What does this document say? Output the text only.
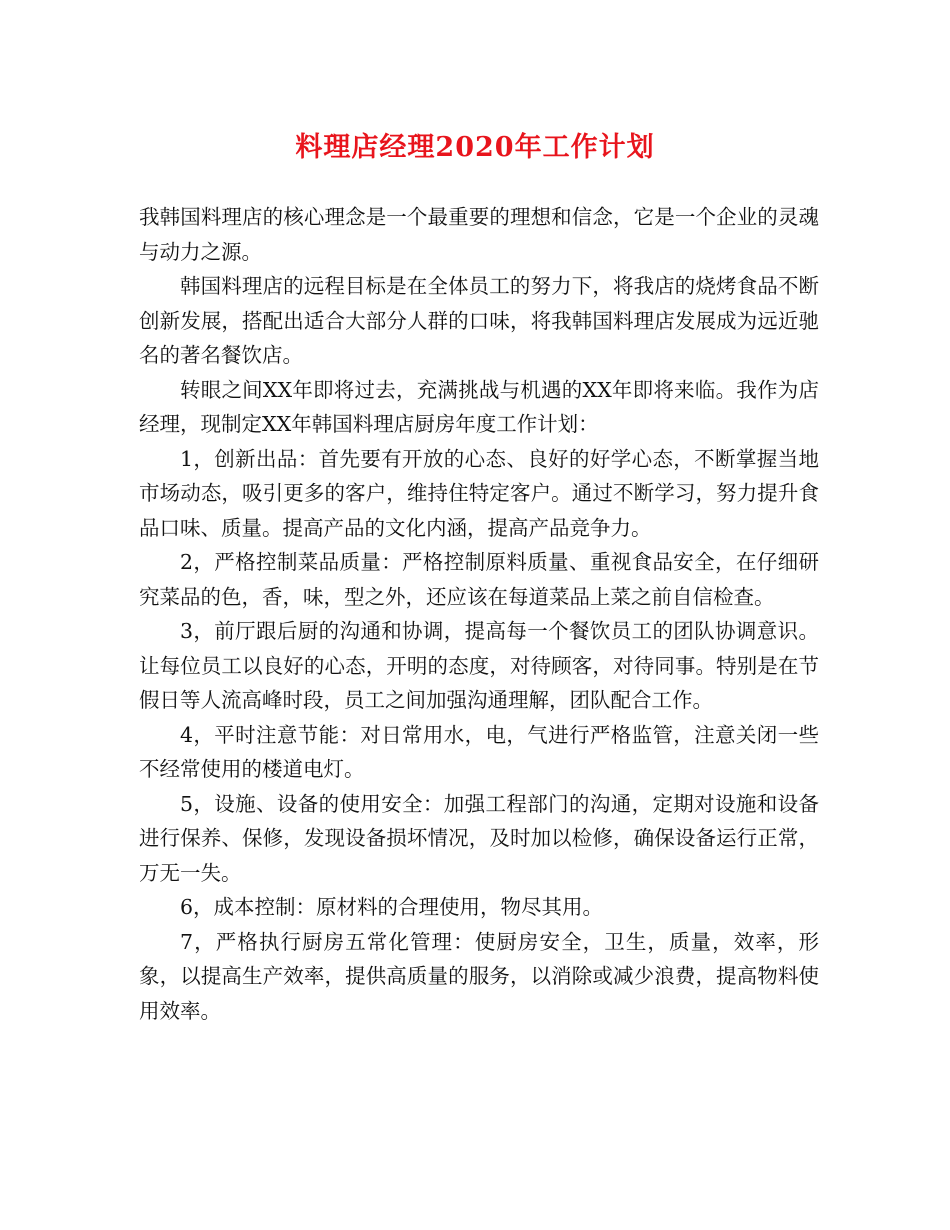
料理店经理2020年工作计划

我韩国料理店的核心理念是一个最重要的理想和信念，它是一个企业的灵魂与动力之源。

韩国料理店的远程目标是在全体员工的努力下，将我店的烧烤食品不断创新发展，搭配出适合大部分人群的口味，将我韩国料理店发展成为远近驰名的著名餐饮店。

转眼之间XX年即将过去，充满挑战与机遇的XX年即将来临。我作为店经理，现制定XX年韩国料理店厨房年度工作计划：

1，创新出品：首先要有开放的心态、良好的好学心态，不断掌握当地市场动态，吸引更多的客户，维持住特定客户。通过不断学习，努力提升食品口味、质量。提高产品的文化内涵，提高产品竞争力。

2，严格控制菜品质量：严格控制原料质量、重视食品安全，在仔细研究菜品的色，香，味，型之外，还应该在每道菜品上菜之前自信检查。

3，前厅跟后厨的沟通和协调，提高每一个餐饮员工的团队协调意识。让每位员工以良好的心态，开明的态度，对待顾客，对待同事。特别是在节假日等人流高峰时段，员工之间加强沟通理解，团队配合工作。

4，平时注意节能：对日常用水，电，气进行严格监管，注意关闭一些不经常使用的楼道电灯。

5，设施、设备的使用安全：加强工程部门的沟通，定期对设施和设备进行保养、保修，发现设备损坏情况，及时加以检修，确保设备运行正常，万无一失。

6，成本控制：原材料的合理使用，物尽其用。

7，严格执行厨房五常化管理：使厨房安全，卫生，质量，效率，形象，以提高生产效率，提供高质量的服务，以消除或减少浪费，提高物料使用效率。
